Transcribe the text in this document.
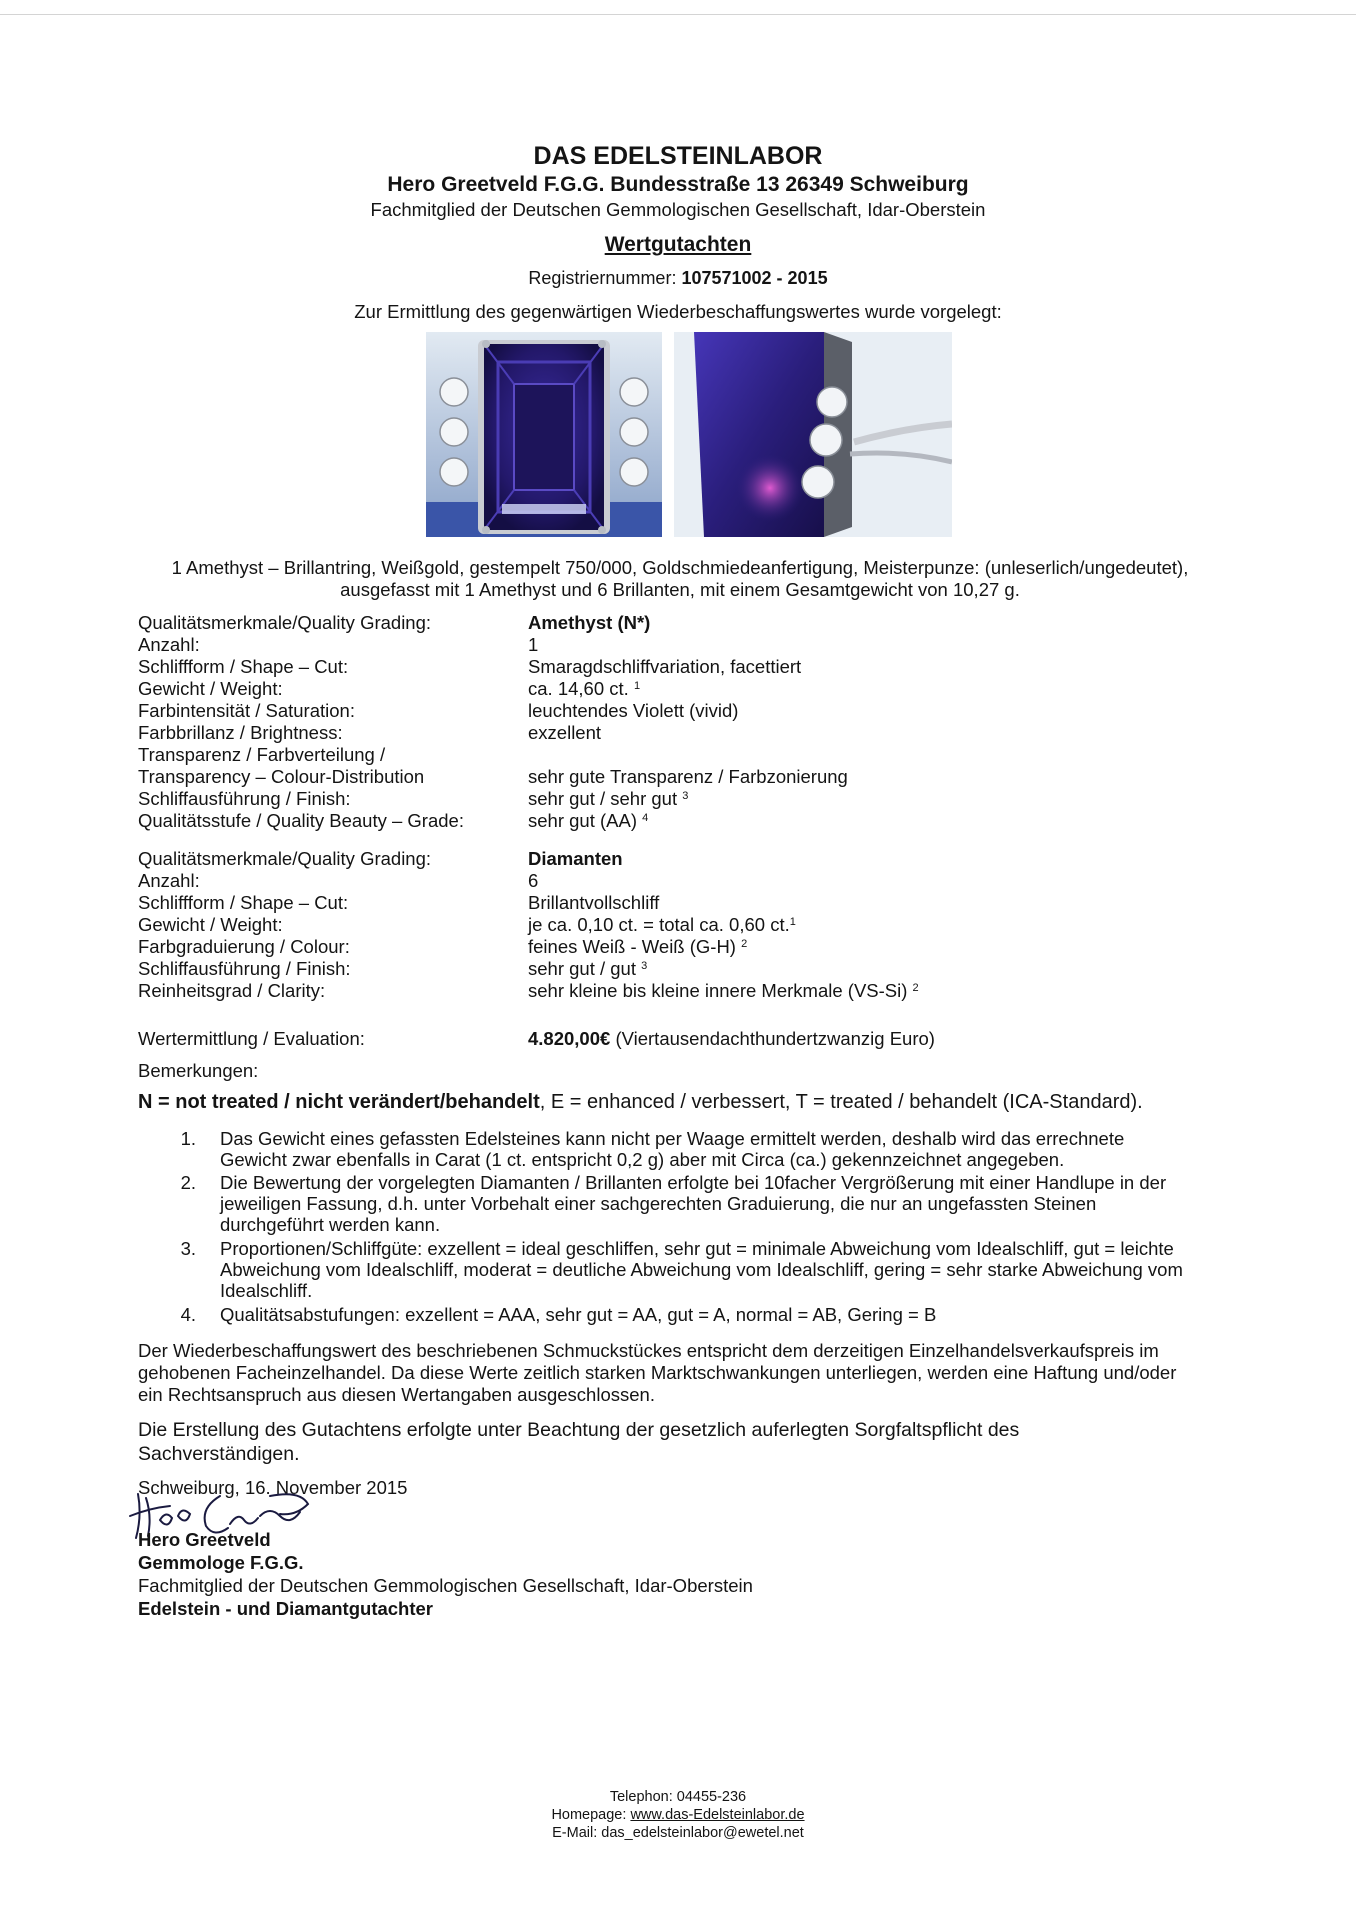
DAS EDELSTEINLABOR
Hero Greetveld F.G.G. Bundesstraße 13 26349 Schweiburg
Fachmitglied der Deutschen Gemmologischen Gesellschaft, Idar-Oberstein
Wertgutachten
Registriernummer: 107571002 - 2015
Zur Ermittlung des gegenwärtigen Wiederbeschaffungswertes wurde vorgelegt:
1 Amethyst – Brillantring, Weißgold, gestempelt 750/000, Goldschmiedeanfertigung, Meisterpunze: (unleserlich/ungedeutet),
ausgefasst mit 1 Amethyst und 6 Brillanten, mit einem Gesamtgewicht von 10,27 g.
Qualitätsmerkmale/Quality Grading:	Amethyst (N*)
Anzahl:	1
Schliffform / Shape – Cut:	Smaragdschliffvariation, facettiert
Gewicht / Weight:	ca. 14,60 ct. $^1$
Farbintensität / Saturation:	leuchtendes Violett (vivid)
Farbbrillanz / Brightness:	exzellent
Transparenz / Farbverteilung /
Transparency – Colour-Distribution	sehr gute Transparenz / Farbzonierung
Schliffausführung / Finish:	sehr gut / sehr gut $^3$
Qualitätsstufe / Quality Beauty – Grade:	sehr gut (AA) $^4$
Qualitätsmerkmale/Quality Grading:	Diamanten
Anzahl:	6
Schliffform / Shape – Cut:	Brillantvollschliff
Gewicht / Weight:	je ca. 0,10 ct. = total ca. 0,60 ct.$^1$
Farbgraduierung / Colour:	feines Weiß - Weiß (G-H) $^2$
Schliffausführung / Finish:	sehr gut / gut $^3$
Reinheitsgrad / Clarity:	sehr kleine bis kleine innere Merkmale (VS-Si) $^2$
Wertermittlung / Evaluation:	4.820,00€ (Viertausendachthundertzwanzig Euro)
Bemerkungen:
N = not treated / nicht verändert/behandelt, E = enhanced / verbessert, T = treated / behandelt (ICA-Standard).
1. Das Gewicht eines gefassten Edelsteines kann nicht per Waage ermittelt werden, deshalb wird das errechnete
Gewicht zwar ebenfalls in Carat (1 ct. entspricht 0,2 g) aber mit Circa (ca.) gekennzeichnet angegeben.
2. Die Bewertung der vorgelegten Diamanten / Brillanten erfolgte bei 10facher Vergrößerung mit einer Handlupe in der
jeweiligen Fassung, d.h. unter Vorbehalt einer sachgerechten Graduierung, die nur an ungefassten Steinen
durchgeführt werden kann.
3. Proportionen/Schliffgüte: exzellent = ideal geschliffen, sehr gut = minimale Abweichung vom Idealschliff, gut = leichte
Abweichung vom Idealschliff, moderat = deutliche Abweichung vom Idealschliff, gering = sehr starke Abweichung vom
Idealschliff.
4. Qualitätsabstufungen: exzellent = AAA, sehr gut = AA, gut = A, normal = AB, Gering = B
Der Wiederbeschaffungswert des beschriebenen Schmuckstückes entspricht dem derzeitigen Einzelhandelsverkaufspreis im
gehobenen Facheinzelhandel. Da diese Werte zeitlich starken Marktschwankungen unterliegen, werden eine Haftung und/oder
ein Rechtsanspruch aus diesen Wertangaben ausgeschlossen.
Die Erstellung des Gutachtens erfolgte unter Beachtung der gesetzlich auferlegten Sorgfaltspflicht des
Sachverständigen.
Schweiburg, 16. November 2015
Hero Greetveld
Gemmologe F.G.G.
Fachmitglied der Deutschen Gemmologischen Gesellschaft, Idar-Oberstein
Edelstein - und Diamantgutachter
Telephon: 04455-236
Homepage: www.das-Edelsteinlabor.de
E-Mail: das_edelsteinlabor@ewetel.net
